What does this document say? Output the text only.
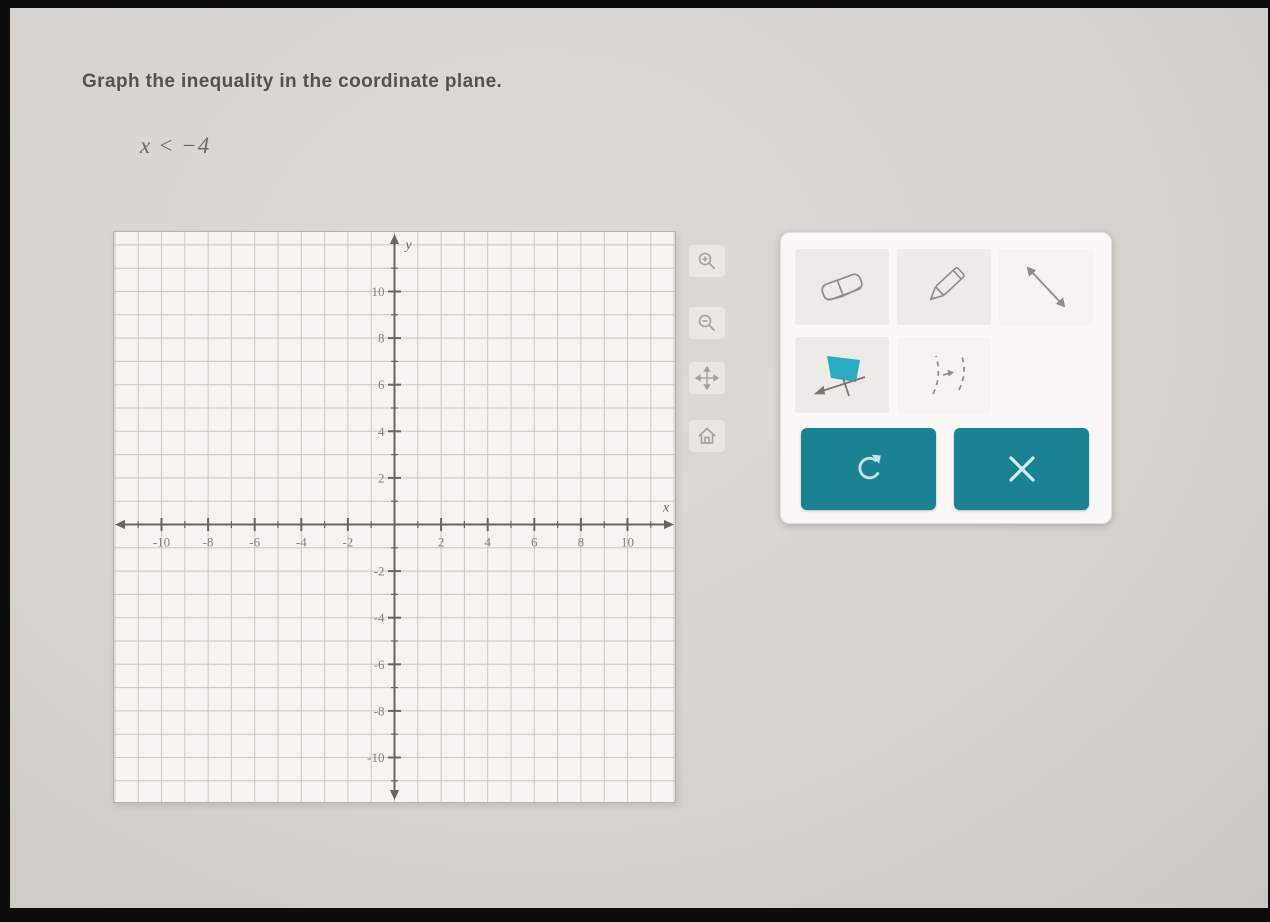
Graph the inequality in the coordinate plane.
x < −4
-10	-8	-6	-4	-2	2	4	6	8	10
10
8
6
4
2
-2
-4
-6
-8
-10
y
x
